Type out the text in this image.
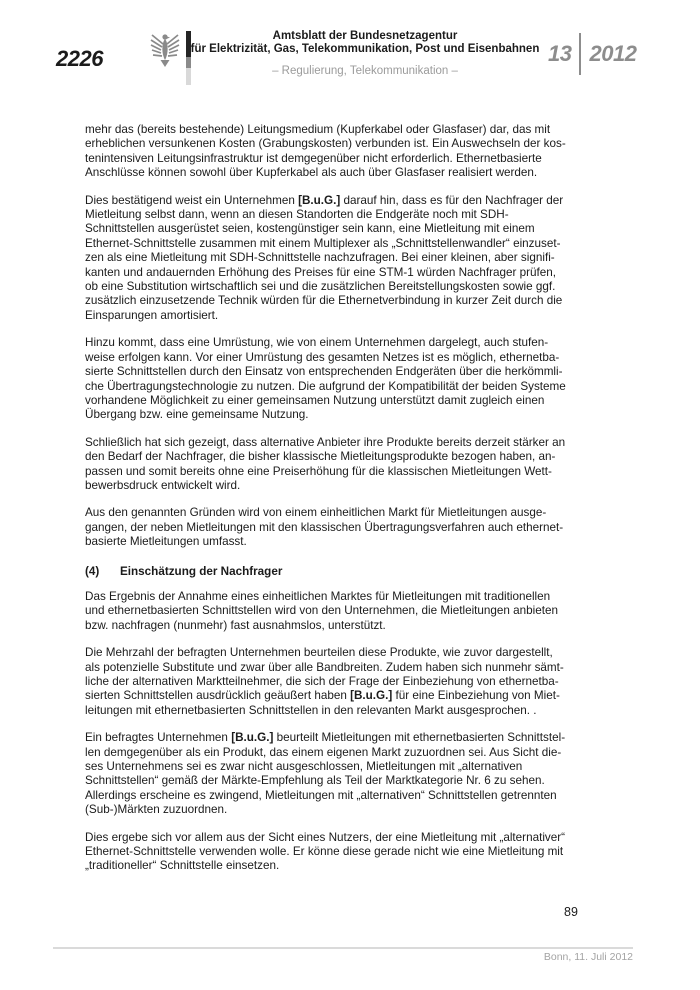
2226
Amtsblatt der Bundesnetzagentur
für Elektrizität, Gas, Telekommunikation, Post und Eisenbahnen
– Regulierung, Telekommunikation –
13 2012
mehr das (bereits bestehende) Leitungsmedium (Kupferkabel oder Glasfaser) dar, das mit
erheblichen versunkenen Kosten (Grabungskosten) verbunden ist. Ein Auswechseln der kos-
tenintensiven Leitungsinfrastruktur ist demgegenüber nicht erforderlich. Ethernetbasierte
Anschlüsse können sowohl über Kupferkabel als auch über Glasfaser realisiert werden.
Dies bestätigend weist ein Unternehmen [B.u.G.] darauf hin, dass es für den Nachfrager der
Mietleitung selbst dann, wenn an diesen Standorten die Endgeräte noch mit SDH-
Schnittstellen ausgerüstet seien, kostengünstiger sein kann, eine Mietleitung mit einem
Ethernet-Schnittstelle zusammen mit einem Multiplexer als „Schnittstellenwandler“ einzuset-
zen als eine Mietleitung mit SDH-Schnittstelle nachzufragen. Bei einer kleinen, aber signifi-
kanten und andauernden Erhöhung des Preises für eine STM-1 würden Nachfrager prüfen,
ob eine Substitution wirtschaftlich sei und die zusätzlichen Bereitstellungskosten sowie ggf.
zusätzlich einzusetzende Technik würden für die Ethernetverbindung in kurzer Zeit durch die
Einsparungen amortisiert.
Hinzu kommt, dass eine Umrüstung, wie von einem Unternehmen dargelegt, auch stufen-
weise erfolgen kann. Vor einer Umrüstung des gesamten Netzes ist es möglich, ethernetba-
sierte Schnittstellen durch den Einsatz von entsprechenden Endgeräten über die herkömmli-
che Übertragungstechnologie zu nutzen. Die aufgrund der Kompatibilität der beiden Systeme
vorhandene Möglichkeit zu einer gemeinsamen Nutzung unterstützt damit zugleich einen
Übergang bzw. eine gemeinsame Nutzung.
Schließlich hat sich gezeigt, dass alternative Anbieter ihre Produkte bereits derzeit stärker an
den Bedarf der Nachfrager, die bisher klassische Mietleitungsprodukte bezogen haben, an-
passen und somit bereits ohne eine Preiserhöhung für die klassischen Mietleitungen Wett-
bewerbsdruck entwickelt wird.
Aus den genannten Gründen wird von einem einheitlichen Markt für Mietleitungen ausge-
gangen, der neben Mietleitungen mit den klassischen Übertragungsverfahren auch ethernet-
basierte Mietleitungen umfasst.
(4) Einschätzung der Nachfrager
Das Ergebnis der Annahme eines einheitlichen Marktes für Mietleitungen mit traditionellen
und ethernetbasierten Schnittstellen wird von den Unternehmen, die Mietleitungen anbieten
bzw. nachfragen (nunmehr) fast ausnahmslos, unterstützt.
Die Mehrzahl der befragten Unternehmen beurteilen diese Produkte, wie zuvor dargestellt,
als potenzielle Substitute und zwar über alle Bandbreiten. Zudem haben sich nunmehr sämt-
liche der alternativen Marktteilnehmer, die sich der Frage der Einbeziehung von ethernetba-
sierten Schnittstellen ausdrücklich geäußert haben [B.u.G.] für eine Einbeziehung von Miet-
leitungen mit ethernetbasierten Schnittstellen in den relevanten Markt ausgesprochen. .
Ein befragtes Unternehmen [B.u.G.] beurteilt Mietleitungen mit ethernetbasierten Schnittstel-
len demgegenüber als ein Produkt, das einem eigenen Markt zuzuordnen sei. Aus Sicht die-
ses Unternehmens sei es zwar nicht ausgeschlossen, Mietleitungen mit „alternativen
Schnittstellen“ gemäß der Märkte-Empfehlung als Teil der Marktkategorie Nr. 6 zu sehen.
Allerdings erscheine es zwingend, Mietleitungen mit „alternativen“ Schnittstellen getrennten
(Sub-)Märkten zuzuordnen.
Dies ergebe sich vor allem aus der Sicht eines Nutzers, der eine Mietleitung mit „alternativer“
Ethernet-Schnittstelle verwenden wolle. Er könne diese gerade nicht wie eine Mietleitung mit
„traditioneller“ Schnittstelle einsetzen.
89
Bonn, 11. Juli 2012
